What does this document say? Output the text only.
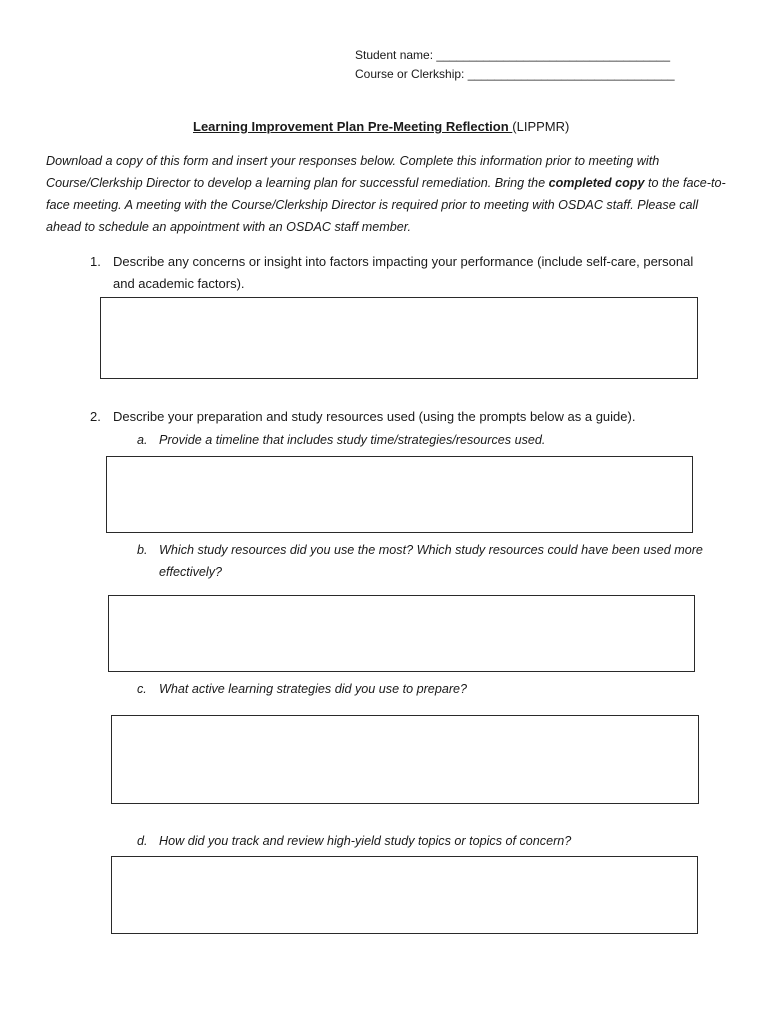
Student name: ___________________________________
Course or Clerkship: _______________________________
Learning Improvement Plan Pre-Meeting Reflection (LIPPMR)
Download a copy of this form and insert your responses below. Complete this information prior to meeting with Course/Clerkship Director to develop a learning plan for successful remediation. Bring the completed copy to the face-to-face meeting. A meeting with the Course/Clerkship Director is required prior to meeting with OSDAC staff. Please call ahead to schedule an appointment with an OSDAC staff member.
1. Describe any concerns or insight into factors impacting your performance (include self-care, personal and academic factors).
2. Describe your preparation and study resources used (using the prompts below as a guide).
a. Provide a timeline that includes study time/strategies/resources used.
b. Which study resources did you use the most? Which study resources could have been used more effectively?
c. What active learning strategies did you use to prepare?
d. How did you track and review high-yield study topics or topics of concern?
